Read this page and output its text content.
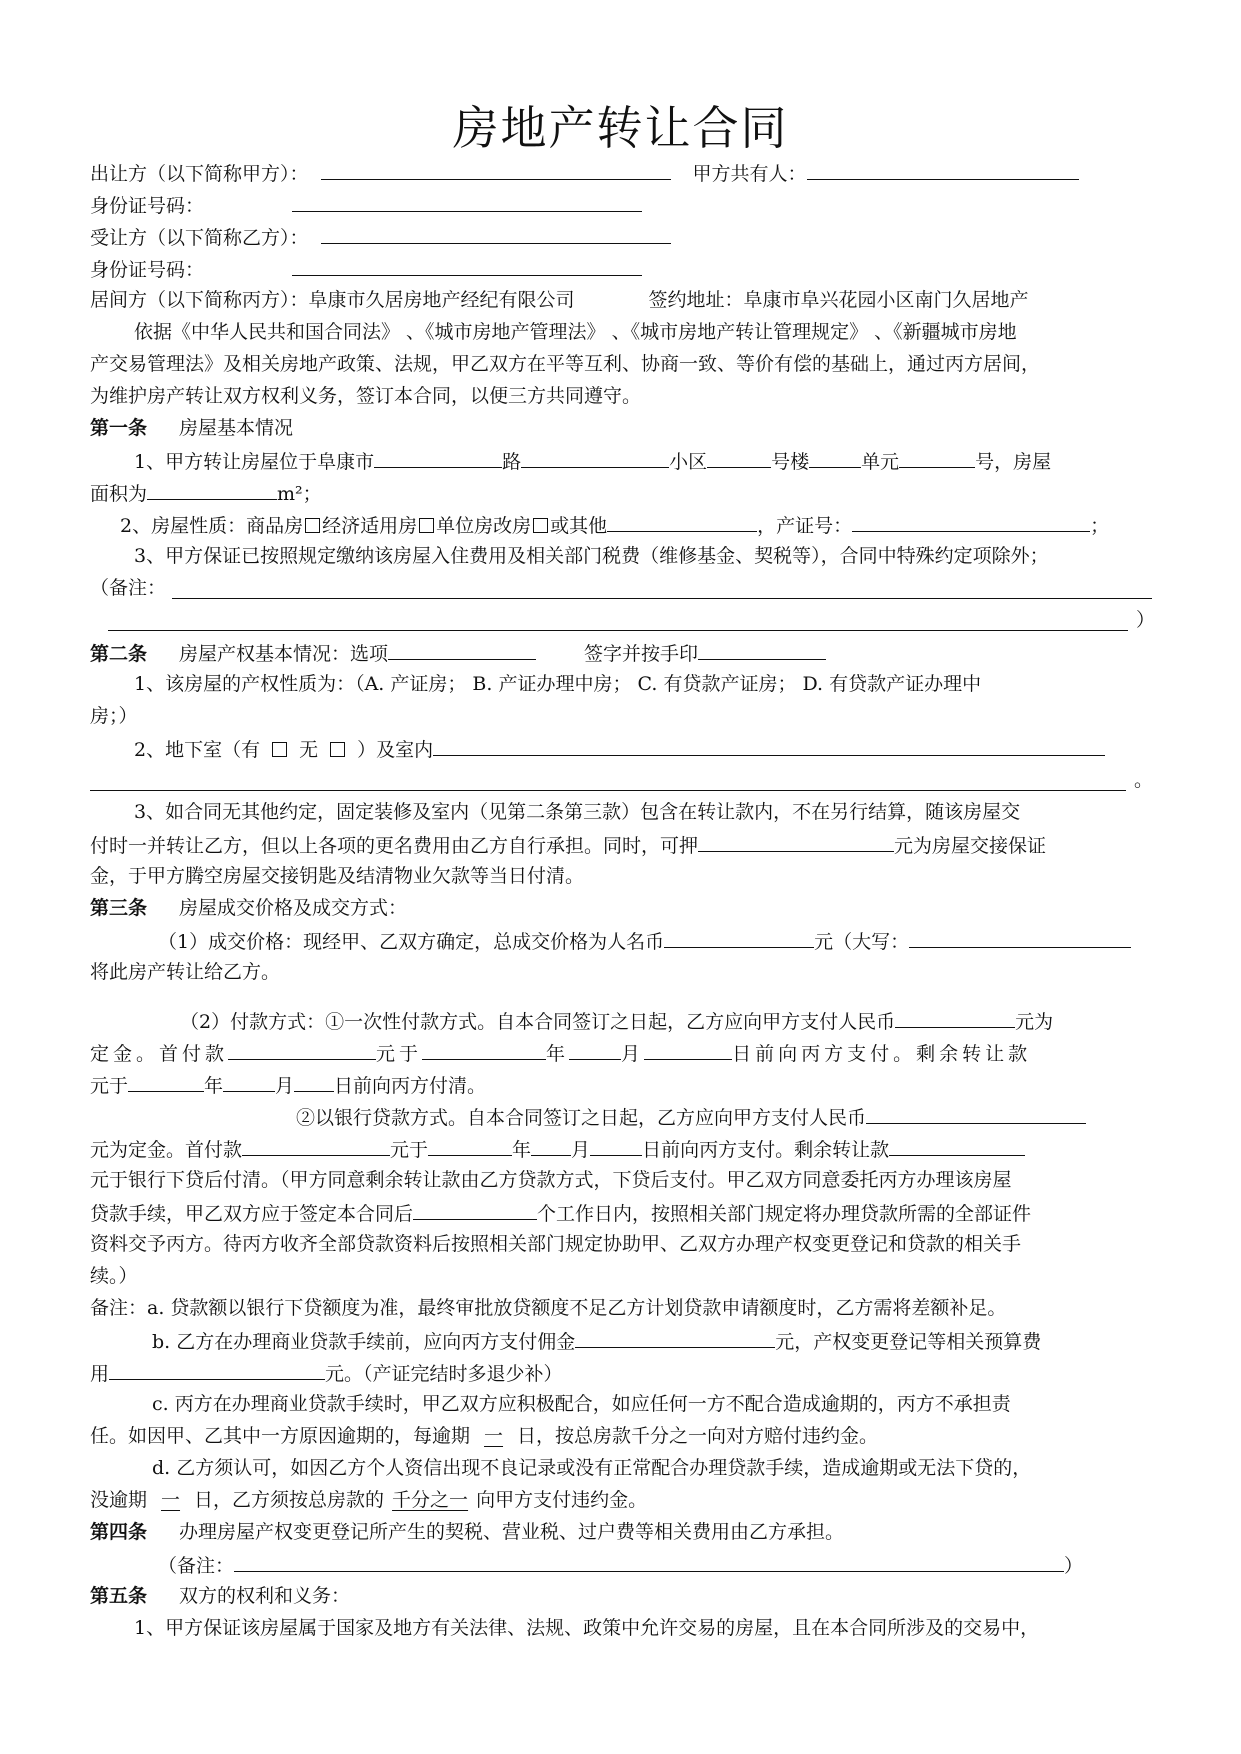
房地产转让合同
出让方（以下简称甲方）：	甲方共有人：
身份证号码：
受让方（以下简称乙方）：
身份证号码：
居间方（以下简称丙方）：阜康市久居房地产经纪有限公司	签约地址：阜康市阜兴花园小区南门久居地产
依据《中华人民共和国合同法》 、《城市房地产管理法》 、《城市房地产转让管理规定》 、《新疆城市房地
产交易管理法》及相关房地产政策、法规，甲乙双方在平等互利、协商一致、等价有偿的基础上，通过丙方居间，
为维护房产转让双方权利义务，签订本合同，以便三方共同遵守。
第一条 房屋基本情况
1、甲方转让房屋位于阜康市	路	小区	号楼	单元	号，房屋
面积为	m²；
2、房屋性质：商品房 经济适用房 单位房改房 或其他	，产证号：	；
3、甲方保证已按照规定缴纳该房屋入住费用及相关部门税费（维修基金、契税等），合同中特殊约定项除外；
（备注：
）
第二条 房屋产权基本情况：选项	签字并按手印
1、该房屋的产权性质为：（A. 产证房； B. 产证办理中房； C. 有贷款产证房； D. 有贷款产证办理中
房；）
2、地下室（有 无 ）及室内
。
3、如合同无其他约定，固定装修及室内（见第二条第三款）包含在转让款内，不在另行结算，随该房屋交
付时一并转让乙方，但以上各项的更名费用由乙方自行承担。同时，可押	元为房屋交接保证
金，于甲方腾空房屋交接钥匙及结清物业欠款等当日付清。
第三条 房屋成交价格及成交方式：
（1）成交价格：现经甲、乙双方确定，总成交价格为人名币	元（大写：
将此房产转让给乙方。
（2）付款方式：①一次性付款方式。自本合同签订之日起，乙方应向甲方支付人民币	元为
定金。首付款	元于	年	月	日前向丙方支付。剩余转让款
元于	年	月 日前向丙方付清。
②以银行贷款方式。自本合同签订之日起，乙方应向甲方支付人民币
元为定金。首付款	元于	年 月	日前向丙方支付。剩余转让款
元于银行下贷后付清。（甲方同意剩余转让款由乙方贷款方式，下贷后支付。甲乙双方同意委托丙方办理该房屋
贷款手续，甲乙双方应于签定本合同后	个工作日内，按照相关部门规定将办理贷款所需的全部证件
资料交予丙方。待丙方收齐全部贷款资料后按照相关部门规定协助甲、乙双方办理产权变更登记和贷款的相关手
续。）
备注：a. 贷款额以银行下贷额度为准，最终审批放贷额度不足乙方计划贷款申请额度时，乙方需将差额补足。
b. 乙方在办理商业贷款手续前，应向丙方支付佣金	元，产权变更登记等相关预算费
用	元。（产证完结时多退少补）
c. 丙方在办理商业贷款手续时，甲乙双方应积极配合，如应任何一方不配合造成逾期的，丙方不承担责
任。如因甲、乙其中一方原因逾期的，每逾期 一 日，按总房款千分之一向对方赔付违约金。
d. 乙方须认可，如因乙方个人资信出现不良记录或没有正常配合办理贷款手续，造成逾期或无法下贷的，
没逾期 一 日，乙方须按总房款的 千分之一 向甲方支付违约金。
第四条 办理房屋产权变更登记所产生的契税、营业税、过户费等相关费用由乙方承担。
（备注：	）
第五条 双方的权利和义务：
1、甲方保证该房屋属于国家及地方有关法律、法规、政策中允许交易的房屋，且在本合同所涉及的交易中，
